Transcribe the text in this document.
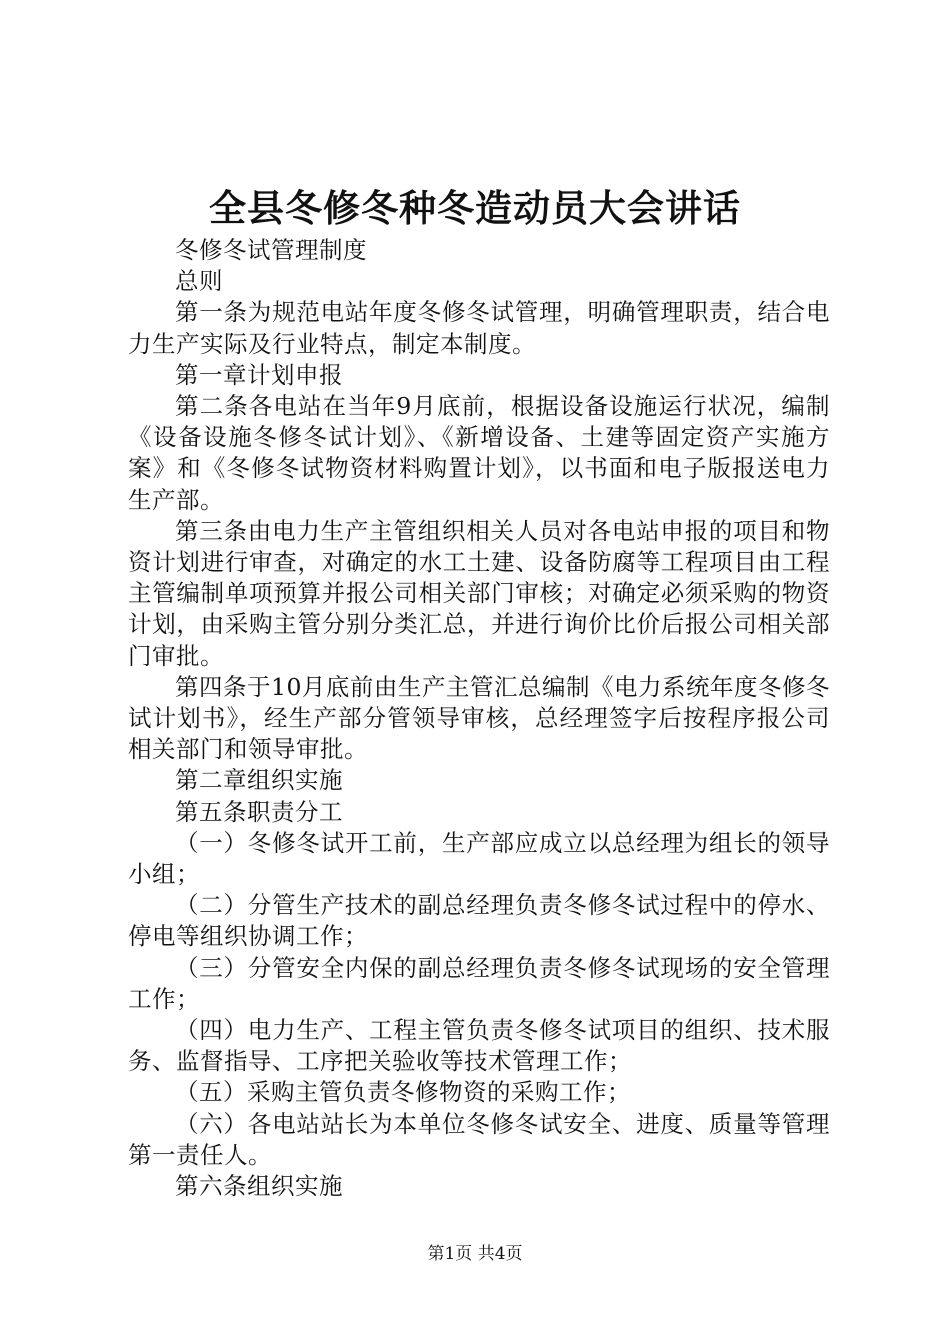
全县冬修冬种冬造动员大会讲话

冬修冬试管理制度

总则

第一条为规范电站年度冬修冬试管理，明确管理职责，结合电力生产实际及行业特点，制定本制度。

第一章计划申报

第二条各电站在当年9月底前，根据设备设施运行状况，编制《设备设施冬修冬试计划》、《新增设备、土建等固定资产实施方案》和《冬修冬试物资材料购置计划》，以书面和电子版报送电力生产部。

第三条由电力生产主管组织相关人员对各电站申报的项目和物资计划进行审查，对确定的水工土建、设备防腐等工程项目由工程主管编制单项预算并报公司相关部门审核；对确定必须采购的物资计划，由采购主管分别分类汇总，并进行询价比价后报公司相关部门审批。

第四条于10月底前由生产主管汇总编制《电力系统年度冬修冬试计划书》，经生产部分管领导审核，总经理签字后按程序报公司相关部门和领导审批。

第二章组织实施

第五条职责分工

（一）冬修冬试开工前，生产部应成立以总经理为组长的领导小组；

（二）分管生产技术的副总经理负责冬修冬试过程中的停水、停电等组织协调工作；

（三）分管安全内保的副总经理负责冬修冬试现场的安全管理工作；

（四）电力生产、工程主管负责冬修冬试项目的组织、技术服务、监督指导、工序把关验收等技术管理工作；

（五）采购主管负责冬修物资的采购工作；

（六）各电站站长为本单位冬修冬试安全、进度、质量等管理第一责任人。

第六条组织实施

第1页 共4页
